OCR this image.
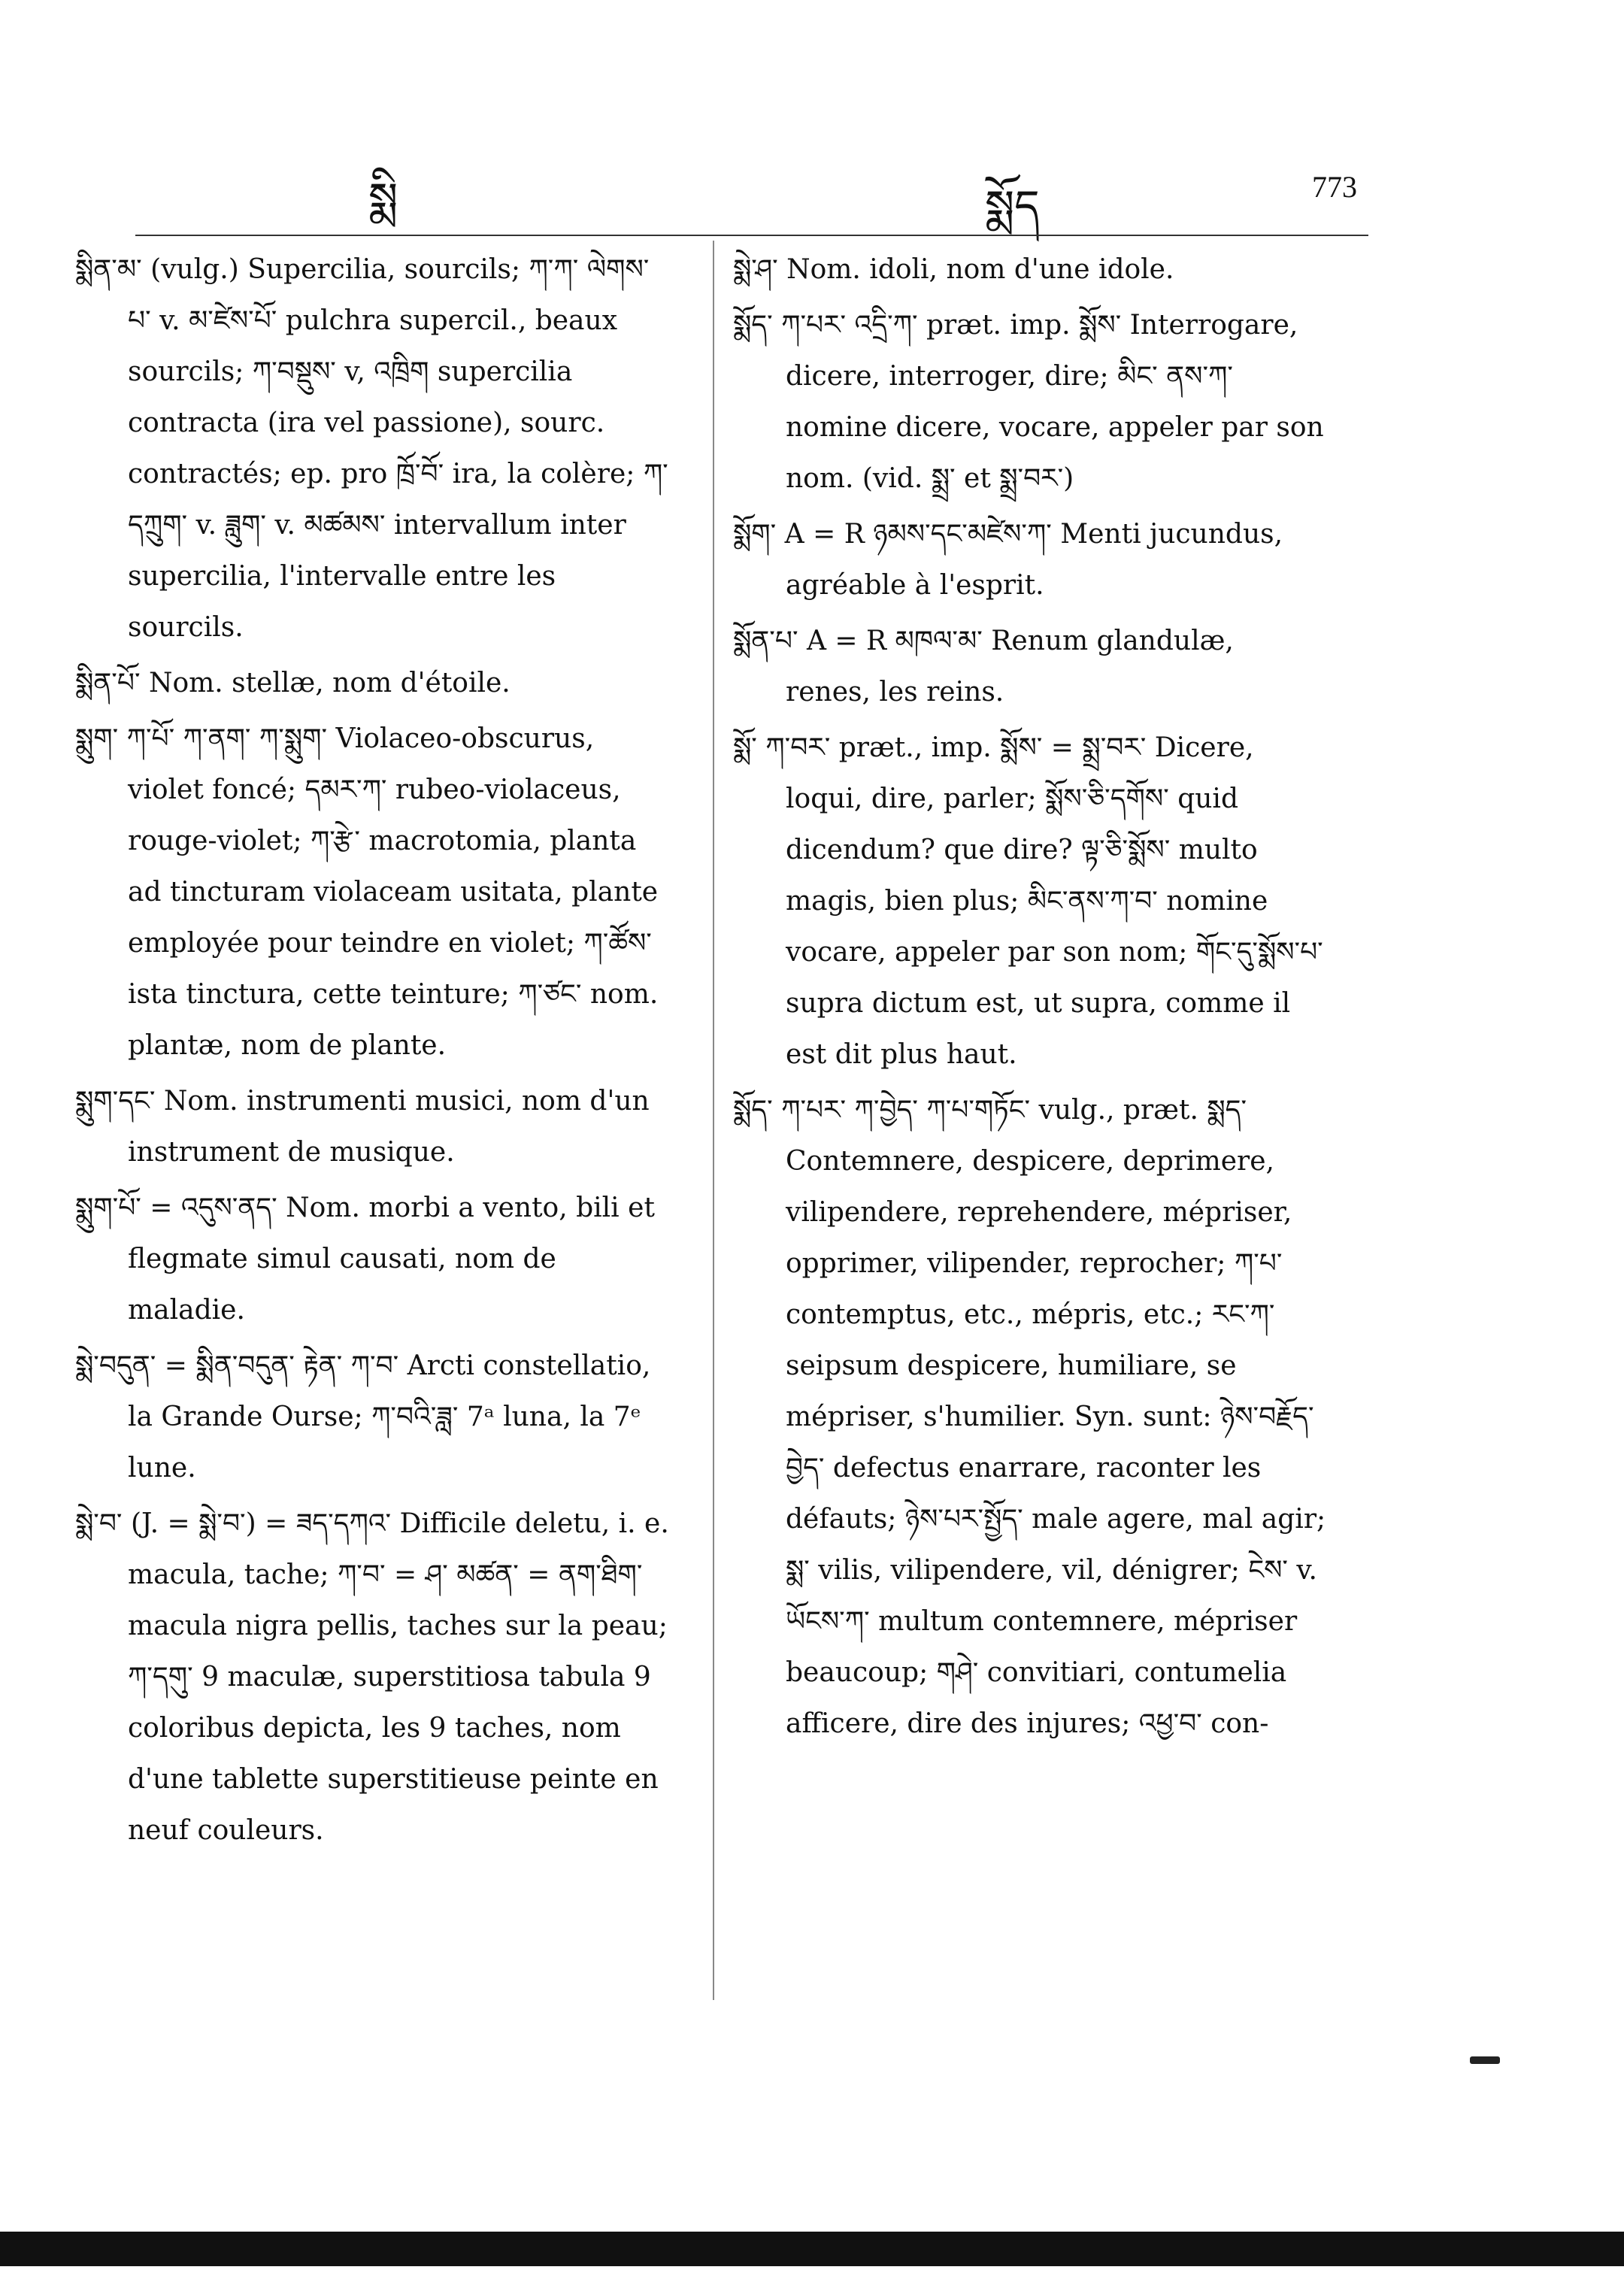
སྨི	སྨོད	773

སྨིན་མ་ (vulg.) Supercilia, sourcils; ཀ་ཀ་ ལེགས་པ་ v. མ་ཛེས་པོ་ pulchra supercil., beaux sourcils; ཀ་བསྡུས་ v, འཁྲིག supercilia contracta (ira vel passione), sourc. contractés; ep. pro ཁྲོ་བོ་ ira, la colère; ཀ་དཀྲུག་ v. ཟླུག་ v. མཚམས་ intervallum inter supercilia, l'intervalle entre les sourcils.

སྨིན་པོ་ Nom. stellæ, nom d'étoile.

སྨུག་ ཀ་པོ་ ཀ་ནག་ ཀ་སྨུག་ Violaceo-obscurus, violet foncé; དམར་ཀ་ rubeo-violaceus, rouge-violet; ཀ་རྩེ་ macrotomia, planta ad tincturam violaceam usitata, plante employée pour teindre en violet; ཀ་ཚོས་ ista tinctura, cette teinture; ཀ་ཙང་ nom. plantæ, nom de plante.

སྨུག་དང་ Nom. instrumenti musici, nom d'un instrument de musique.

སྨུག་པོ་ = འདུས་ནད་ Nom. morbi a vento, bili et flegmate simul causati, nom de maladie.

སྨེ་བདུན་ = སྨིན་བདུན་ རྟེན་ ཀ་བ་ Arcti constellatio, la Grande Ourse; ཀ་བའི་ཟླ་ 7ᵃ luna, la 7ᵉ lune.

སྨེ་བ་ (J. = སྨེ་བ་) = ཟད་དཀའ་ Difficile deletu, i. e. macula, tache; ཀ་བ་ = ཤ་ མཚན་ = ནག་ཐིག་ macula nigra pellis, taches sur la peau; ཀ་དགུ་ 9 maculæ, superstitiosa tabula 9 coloribus depicta, les 9 taches, nom d'une tablette superstitieuse peinte en neuf couleurs.

སྨེ་ཤ་ Nom. idoli, nom d'une idole.

སྨོད་ ཀ་པར་ འདྲི་ཀ་ præt. imp. སྨོས་ Interrogare, dicere, interroger, dire; མིང་ ནས་ཀ་ nomine dicere, vocare, appeler par son nom. (vid. སྨྲ་ et སྨྲ་བར་)

སྨོག་ A = R ཉམས་དང་མཛེས་ཀ་ Menti jucundus, agréable à l'esprit.

སྨོན་པ་ A = R མཁལ་མ་ Renum glandulæ, renes, les reins.

སྨོ་ ཀ་བར་ præt., imp. སྨོས་ = སྨྲ་བར་ Dicere, loqui, dire, parler; སྨོས་ཅི་དགོས་ quid dicendum? que dire? ལྟ་ཅི་སྨོས་ multo magis, bien plus; མིང་ནས་ཀ་བ་ nomine vocare, appeler par son nom; གོང་དུ་སྨོས་པ་ supra dictum est, ut supra, comme il est dit plus haut.

སྨོད་ ཀ་པར་ ཀ་བྱེད་ ཀ་པ་གཏོང་ vulg., præt. སྨད་ Contemnere, despicere, deprimere, vilipendere, reprehendere, mépriser, opprimer, vilipender, reprocher; ཀ་པ་ contemptus, etc., mépris, etc.; རང་ཀ་ seipsum despicere, humiliare, se mépriser, s'humilier. Syn. sunt: ཉེས་བརྗོད་བྱེད་ defectus enarrare, raconter les défauts; ཉེས་པར་སྤྱོད་ male agere, mal agir; སྨ་ vilis, vilipendere, vil, dénigrer; ངེས་ v. ཡོངས་ཀ་ multum contemnere, mépriser beaucoup; གཤེ་ convitiari, contumelia afficere, dire des injures; འཕྱ་བ་ con-
